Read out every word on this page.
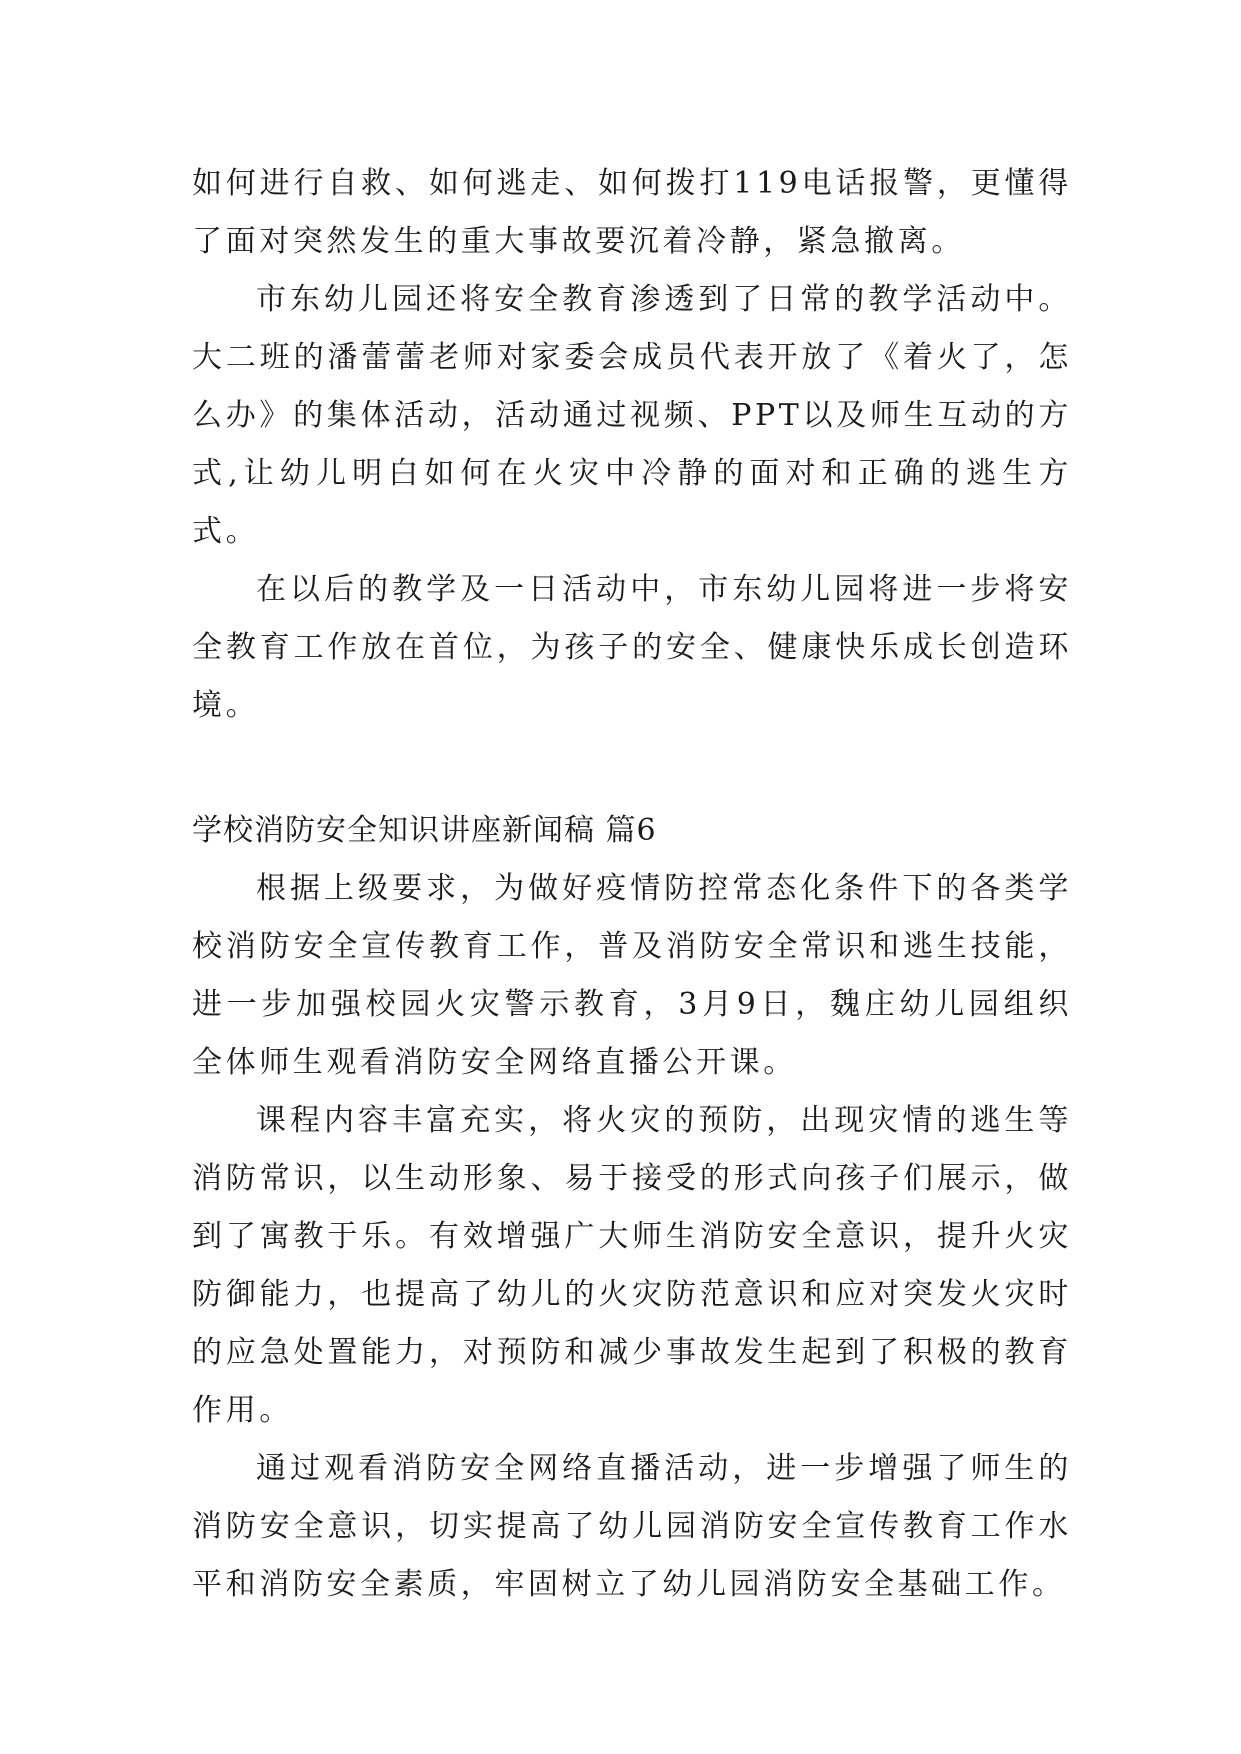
如何进行自救、如何逃走、如何拨打119电话报警，更懂得了面对突然发生的重大事故要沉着冷静，紧急撤离。

市东幼儿园还将安全教育渗透到了日常的教学活动中。大二班的潘蕾蕾老师对家委会成员代表开放了《着火了，怎么办》的集体活动，活动通过视频、PPT以及师生互动的方式,让幼儿明白如何在火灾中冷静的面对和正确的逃生方式。

在以后的教学及一日活动中，市东幼儿园将进一步将安全教育工作放在首位，为孩子的安全、健康快乐成长创造环境。

学校消防安全知识讲座新闻稿 篇6

根据上级要求，为做好疫情防控常态化条件下的各类学校消防安全宣传教育工作，普及消防安全常识和逃生技能，进一步加强校园火灾警示教育，3月9日，魏庄幼儿园组织全体师生观看消防安全网络直播公开课。

课程内容丰富充实，将火灾的预防，出现灾情的逃生等消防常识，以生动形象、易于接受的形式向孩子们展示，做到了寓教于乐。有效增强广大师生消防安全意识，提升火灾防御能力，也提高了幼儿的火灾防范意识和应对突发火灾时的应急处置能力，对预防和减少事故发生起到了积极的教育作用。

通过观看消防安全网络直播活动，进一步增强了师生的消防安全意识，切实提高了幼儿园消防安全宣传教育工作水平和消防安全素质，牢固树立了幼儿园消防安全基础工作。
